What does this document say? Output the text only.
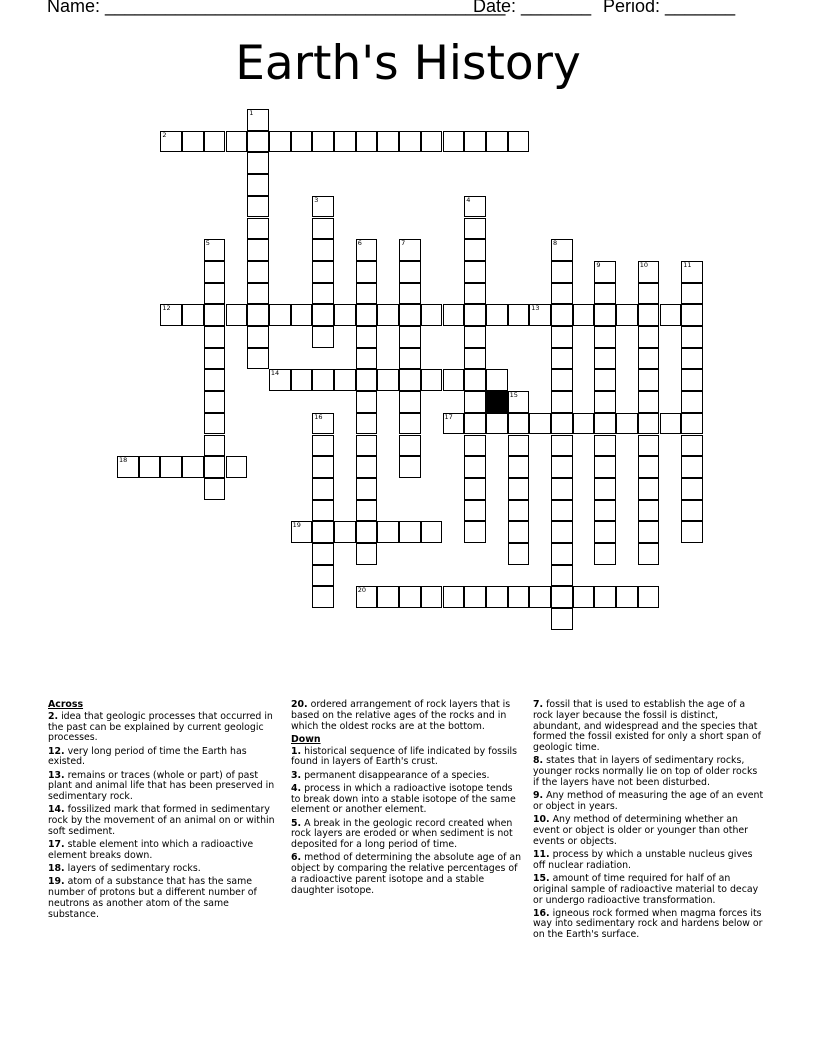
Name: ________________________________________
Date: _______ Period: _______
Earth's History
2
12	13
14
17
18
19
20
1
3	4
5	6	7	8
9	10	11
15
16
Across
2. idea that geologic processes that occurred in the past can be explained by current geologic processes.
12. very long period of time the Earth has existed.
13. remains or traces (whole or part) of past plant and animal life that has been preserved in sedimentary rock.
14. fossilized mark that formed in sedimentary rock by the movement of an animal on or within soft sediment.
17. stable element into which a radioactive element breaks down.
18. layers of sedimentary rocks.
19. atom of a substance that has the same number of protons but a different number of neutrons as another atom of the same substance.
20. ordered arrangement of rock layers that is based on the relative ages of the rocks and in which the oldest rocks are at the bottom.
Down
1. historical sequence of life indicated by fossils found in layers of Earth's crust.
3. permanent disappearance of a species.
4. process in which a radioactive isotope tends to break down into a stable isotope of the same element or another element.
5. A break in the geologic record created when rock layers are eroded or when sediment is not deposited for a long period of time.
6. method of determining the absolute age of an object by comparing the relative percentages of a radioactive parent isotope and a stable daughter isotope.
7. fossil that is used to establish the age of a rock layer because the fossil is distinct, abundant, and widespread and the species that formed the fossil existed for only a short span of geologic time.
8. states that in layers of sedimentary rocks, younger rocks normally lie on top of older rocks if the layers have not been disturbed.
9. Any method of measuring the age of an event or object in years.
10. Any method of determining whether an event or object is older or younger than other events or objects.
11. process by which a unstable nucleus gives off nuclear radiation.
15. amount of time required for half of an original sample of radioactive material to decay or undergo radioactive transformation.
16. igneous rock formed when magma forces its way into sedimentary rock and hardens below or on the Earth's surface.
